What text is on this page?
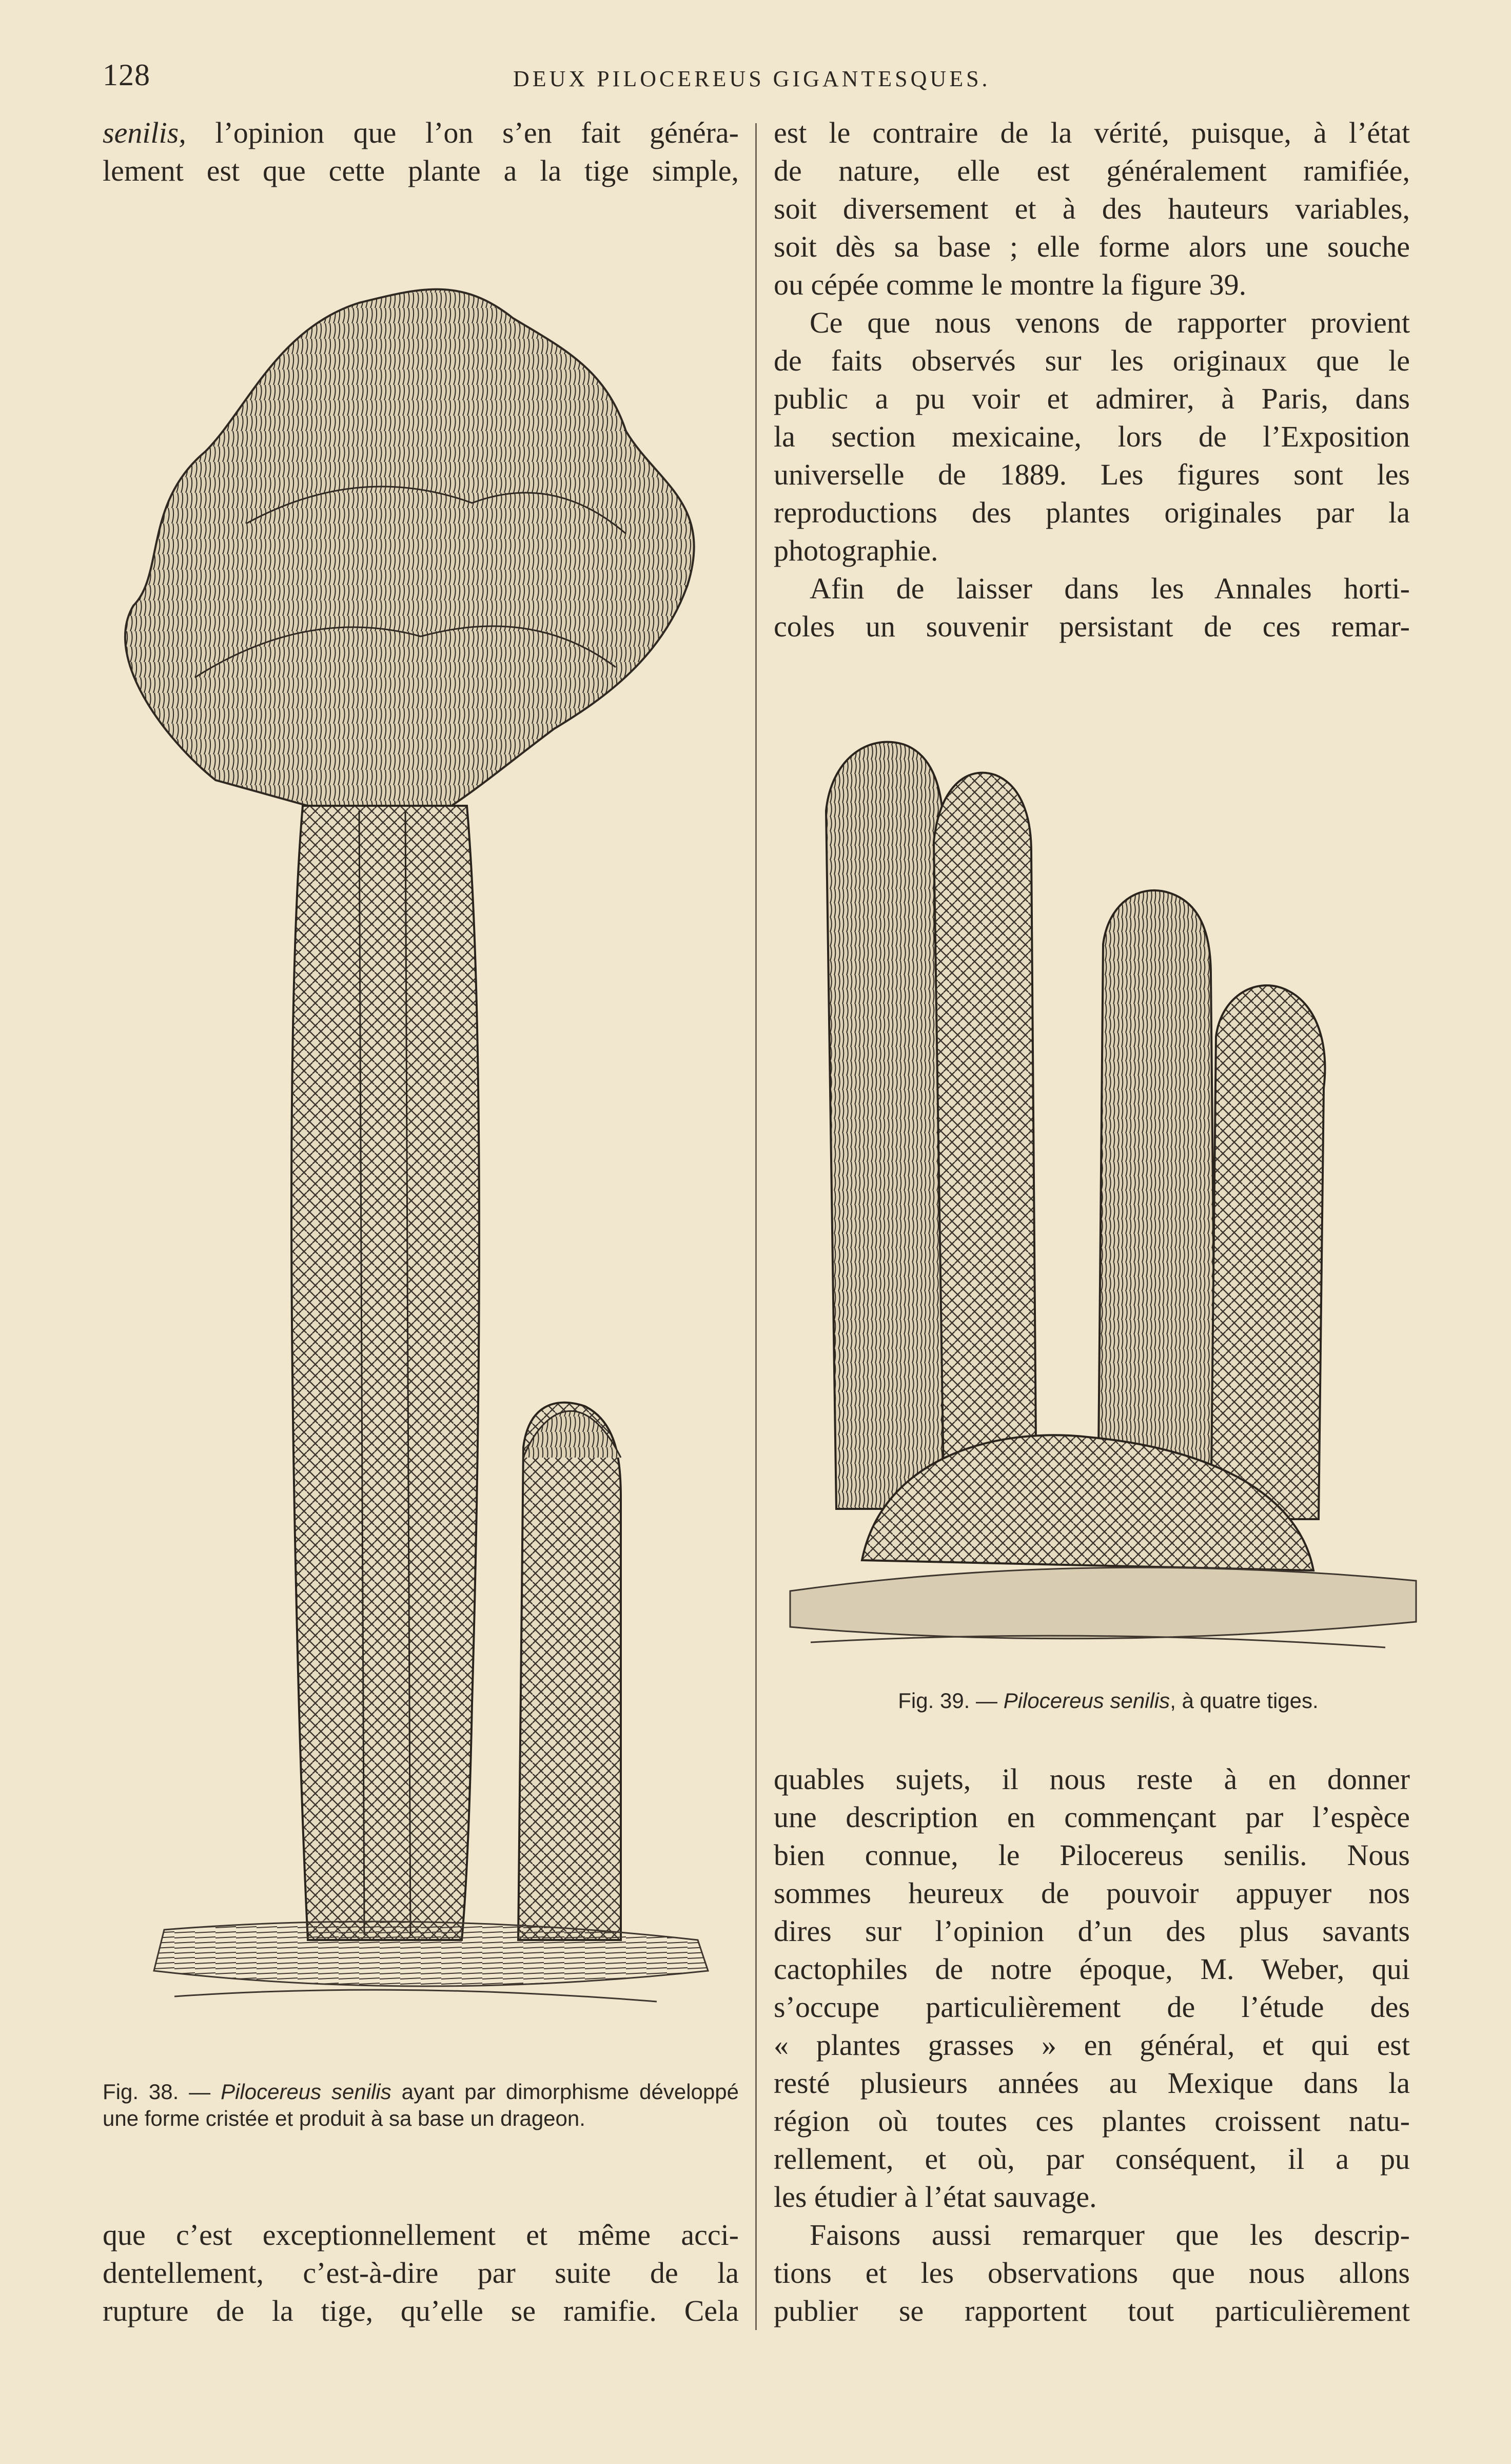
128	DEUX PILOCEREUS GIGANTESQUES.
senilis, l’opinion que l’on s’en fait généra-
lement est que cette plante a la tige simple,
Fig. 38. — Pilocereus senilis ayant par dimorphisme développé une forme cristée et produit à sa base un drageon.
que c’est exceptionnellement et même acci-
dentellement, c’est-à-dire par suite de la
rupture de la tige, qu’elle se ramifie. Cela
est le contraire de la vérité, puisque, à l’état
de nature, elle est généralement ramifiée,
soit diversement et à des hauteurs variables,
soit dès sa base ; elle forme alors une souche
ou cépée comme le montre la figure 39.
Ce que nous venons de rapporter provient
de faits observés sur les originaux que le
public a pu voir et admirer, à Paris, dans
la section mexicaine, lors de l’Exposition
universelle de 1889. Les figures sont les
reproductions des plantes originales par la
photographie.
Afin de laisser dans les Annales horti-
coles un souvenir persistant de ces remar-
Fig. 39. — Pilocereus senilis, à quatre tiges.
quables sujets, il nous reste à en donner
une description en commençant par l’espèce
bien connue, le Pilocereus senilis. Nous
sommes heureux de pouvoir appuyer nos
dires sur l’opinion d’un des plus savants
cactophiles de notre époque, M. Weber, qui
s’occupe particulièrement de l’étude des
« plantes grasses » en général, et qui est
resté plusieurs années au Mexique dans la
région où toutes ces plantes croissent natu-
rellement, et où, par conséquent, il a pu
les étudier à l’état sauvage.
Faisons aussi remarquer que les descrip-
tions et les observations que nous allons
publier se rapportent tout particulièrement
